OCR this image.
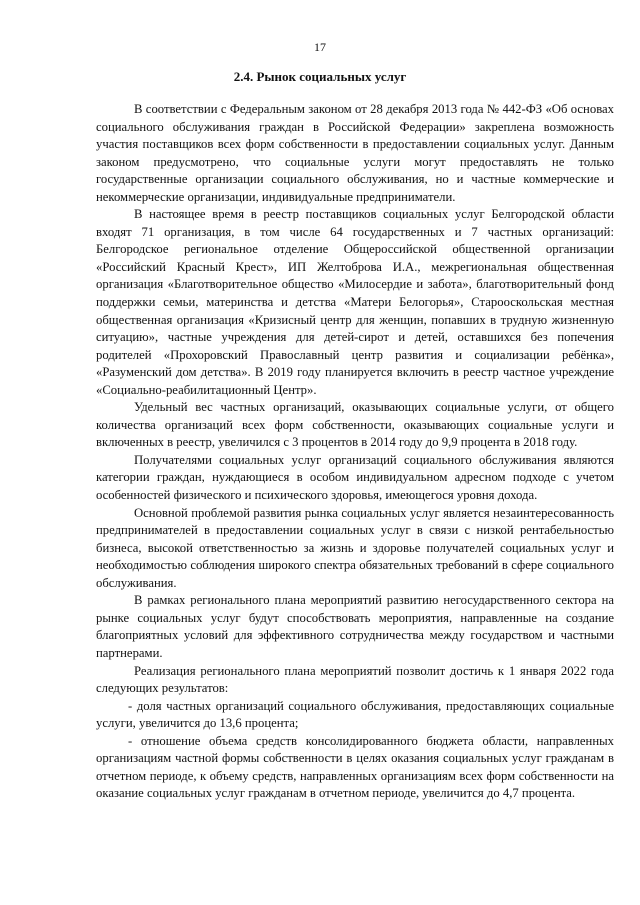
17
2.4. Рынок социальных услуг

В соответствии с Федеральным законом от 28 декабря 2013 года № 442-ФЗ «Об основах социального обслуживания граждан в Российской Федерации» закреплена возможность участия поставщиков всех форм собственности в предоставлении социальных услуг. Данным законом предусмотрено, что социальные услуги могут предоставлять не только государственные организации социального обслуживания, но и частные коммерческие и некоммерческие организации, индивидуальные предприниматели.

В настоящее время в реестр поставщиков социальных услуг Белгородской области входят 71 организация, в том числе 64 государственных и 7 частных организаций: Белгородское региональное отделение Общероссийской общественной организации «Российский Красный Крест», ИП Желтоброва И.А., межрегиональная общественная организация «Благотворительное общество «Милосердие и забота», благотворительный фонд поддержки семьи, материнства и детства «Матери Белогорья», Старооскольская местная общественная организация «Кризисный центр для женщин, попавших в трудную жизненную ситуацию», частные учреждения для детей-сирот и детей, оставшихся без попечения родителей «Прохоровский Православный центр развития и социализации ребёнка», «Разуменский дом детства». В 2019 году планируется включить в реестр частное учреждение «Социально-реабилитационный Центр».

Удельный вес частных организаций, оказывающих социальные услуги, от общего количества организаций всех форм собственности, оказывающих социальные услуги и включенных в реестр, увеличился с 3 процентов в 2014 году до 9,9 процента в 2018 году.

Получателями социальных услуг организаций социального обслуживания являются категории граждан, нуждающиеся в особом индивидуальном адресном подходе с учетом особенностей физического и психического здоровья, имеющегося уровня дохода.

Основной проблемой развития рынка социальных услуг является незаинтересованность предпринимателей в предоставлении социальных услуг в связи с низкой рентабельностью бизнеса, высокой ответственностью за жизнь и здоровье получателей социальных услуг и необходимостью соблюдения широкого спектра обязательных требований в сфере социального обслуживания.

В рамках регионального плана мероприятий развитию негосударственного сектора на рынке социальных услуг будут способствовать мероприятия, направленные на создание благоприятных условий для эффективного сотрудничества между государством и частными партнерами.

Реализация регионального плана мероприятий позволит достичь к 1 января 2022 года следующих результатов:

- доля частных организаций социального обслуживания, предоставляющих социальные услуги, увеличится до 13,6 процента;

- отношение объема средств консолидированного бюджета области, направленных организациям частной формы собственности в целях оказания социальных услуг гражданам в отчетном периоде, к объему средств, направленных организациям всех форм собственности на оказание социальных услуг гражданам в отчетном периоде, увеличится до 4,7 процента.
